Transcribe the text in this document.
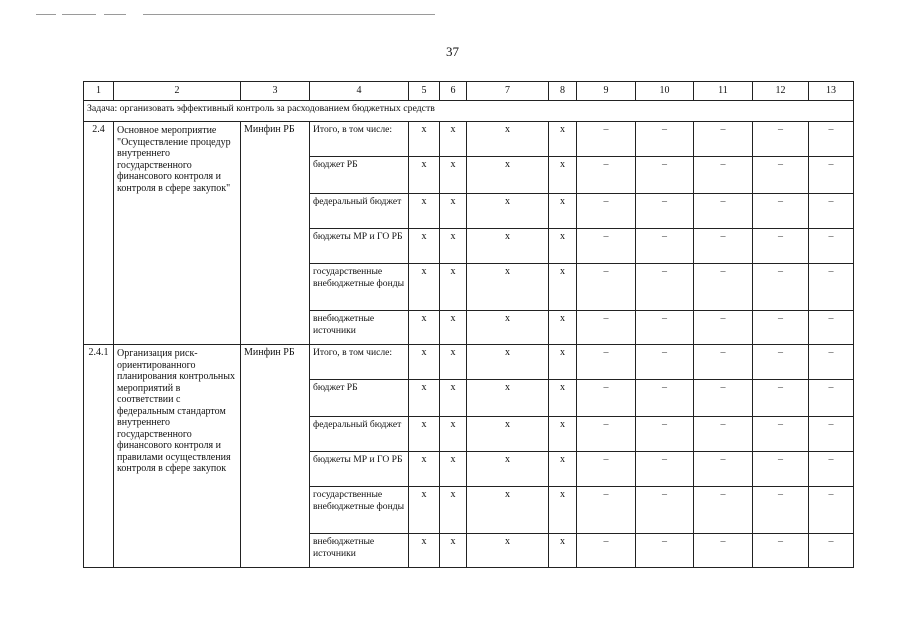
37
1	2	3	4	5	6	7	8	9	10	11	12	13
Задача: организовать эффективный контроль за расходованием бюджетных средств												
2.4	Основное мероприятие "Осуществление процедур внутреннего государственного финансового контроля и контроля в сфере закупок"	Минфин РБ	Итого, в том числе:	x	x	x	x	–	–	–	–	–
			бюджет РБ	x	x	x	x	–	–	–	–	–
			федеральный бюджет	x	x	x	x	–	–	–	–	–
			бюджеты МР и ГО РБ	x	x	x	x	–	–	–	–	–
			государственные внебюджетные фонды	x	x	x	x	–	–	–	–	–
			внебюджетные источники	x	x	x	x	–	–	–	–	–
2.4.1	Организация риск-ориентированного планирования контрольных мероприятий в соответствии с федеральным стандартом внутреннего государственного финансового контроля и правилами осуществления контроля в сфере закупок	Минфин РБ	Итого, в том числе:	x	x	x	x	–	–	–	–	–
			бюджет РБ	x	x	x	x	–	–	–	–	–
			федеральный бюджет	x	x	x	x	–	–	–	–	–
			бюджеты МР и ГО РБ	x	x	x	x	–	–	–	–	–
			государственные внебюджетные фонды	x	x	x	x	–	–	–	–	–
			внебюджетные источники	x	x	x	x	–	–	–	–	–
